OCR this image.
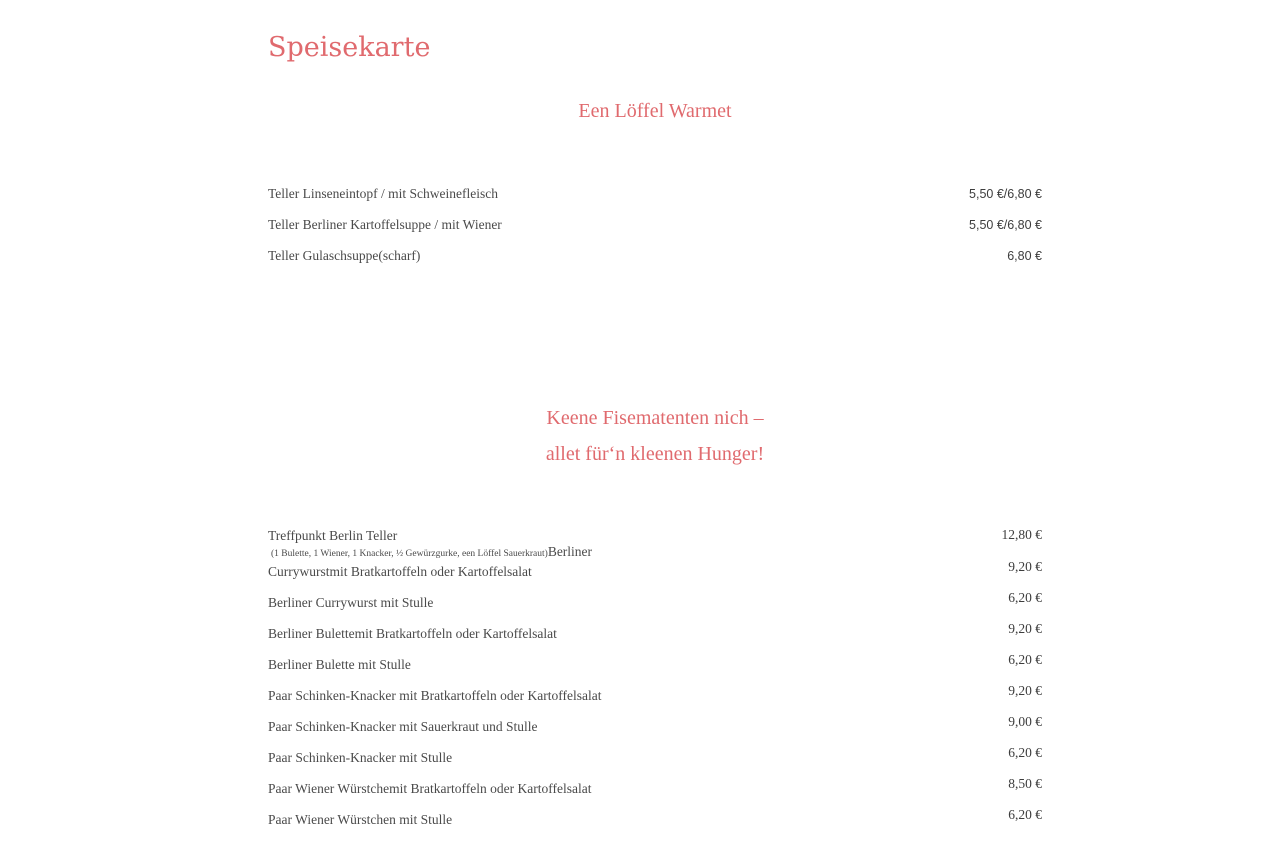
Speisekarte
Een Löffel Warmet
Teller Linseneintopf / mit Schweinefleisch	5,50 €/6,80 €
Teller Berliner Kartoffelsuppe / mit Wiener	5,50 €/6,80 €
Teller Gulaschsuppe(scharf)	6,80 €
Keene Fisematenten nich –
allet für‘n kleenen Hunger!
Treffpunkt Berlin Teller	12,80 €
(1 Bulette, 1 Wiener, 1 Knacker, ½ Gewürzgurke, een Löffel Sauerkraut)Berliner
Currywurstmit Bratkartoffeln oder Kartoffelsalat	9,20 €
Berliner Currywurst mit Stulle	6,20 €
Berliner Bulettemit Bratkartoffeln oder Kartoffelsalat	9,20 €
Berliner Bulette mit Stulle	6,20 €
Paar Schinken-Knacker mit Bratkartoffeln oder Kartoffelsalat	9,20 €
Paar Schinken-Knacker mit Sauerkraut und Stulle	9,00 €
Paar Schinken-Knacker mit Stulle	6,20 €
Paar Wiener Würstchemit Bratkartoffeln oder Kartoffelsalat	8,50 €
Paar Wiener Würstchen mit Stulle	6,20 €
